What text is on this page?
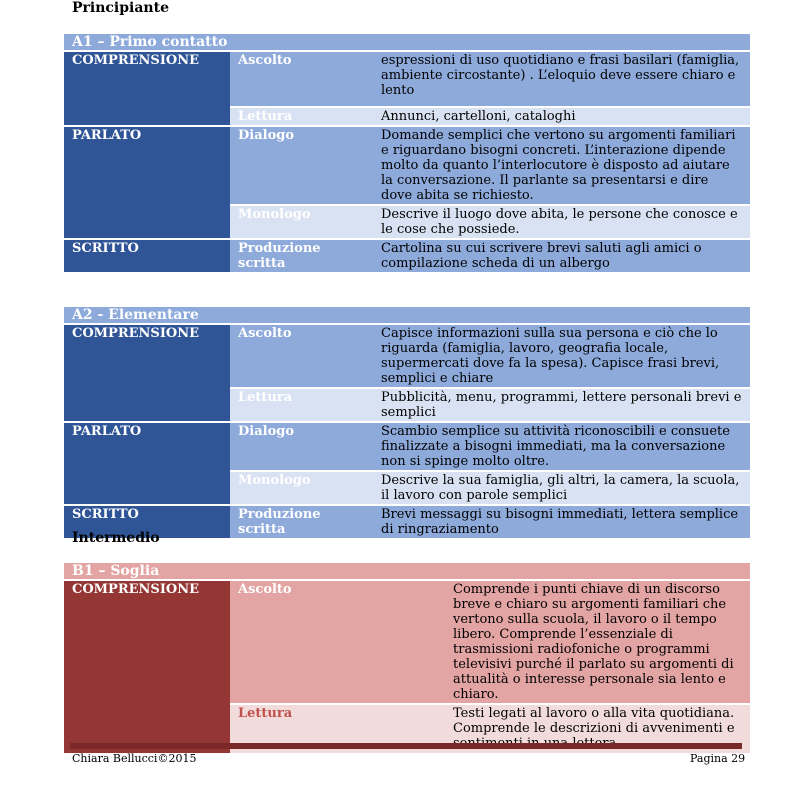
Principiante
A1 – Primo contatto		
COMPRENSIONE	Ascolto	espressioni di uso quotidiano e frasi basilari (famiglia, ambiente circostante) . L’eloquio deve essere chiaro e lento
	Lettura	Annunci, cartelloni, cataloghi
PARLATO	Dialogo	Domande semplici che vertono su argomenti familiari e riguardano bisogni concreti. L’interazione dipende molto da quanto l’interlocutore è disposto ad aiutare la conversazione. Il parlante sa presentarsi e dire dove abita se richiesto.
	Monologo	Descrive il luogo dove abita, le persone che conosce e le cose che possiede.
SCRITTO	Produzione scritta	Cartolina su cui scrivere brevi saluti agli amici o compilazione scheda di un albergo
A2 - Elementare		
COMPRENSIONE	Ascolto	Capisce informazioni sulla sua persona e ciò che lo riguarda (famiglia, lavoro, geografia locale, supermercati dove fa la spesa). Capisce frasi brevi, semplici e chiare
	Lettura	Pubblicità, menu, programmi, lettere personali brevi e semplici
PARLATO	Dialogo	Scambio semplice su attività riconoscibili e consuete finalizzate a bisogni immediati, ma la conversazione non si spinge molto oltre.
	Monologo	Descrive la sua famiglia, gli altri, la camera, la scuola, il lavoro con parole semplici
SCRITTO	Produzione scritta	Brevi messaggi su bisogni immediati, lettera semplice di ringraziamento
Intermedio
B1 – Soglia		
COMPRENSIONE	Ascolto	Comprende i punti chiave di un discorso breve e chiaro su argomenti familiari che vertono sulla scuola, il lavoro o il tempo libero. Comprende l’essenziale di trasmissioni radiofoniche o programmi televisivi purché il parlato su argomenti di attualità o interesse personale sia lento e chiaro.
	Lettura	Testi legati al lavoro o alla vita quotidiana. Comprende le descrizioni di avvenimenti e
Chiara Bellucci©2015	Pagina 29
